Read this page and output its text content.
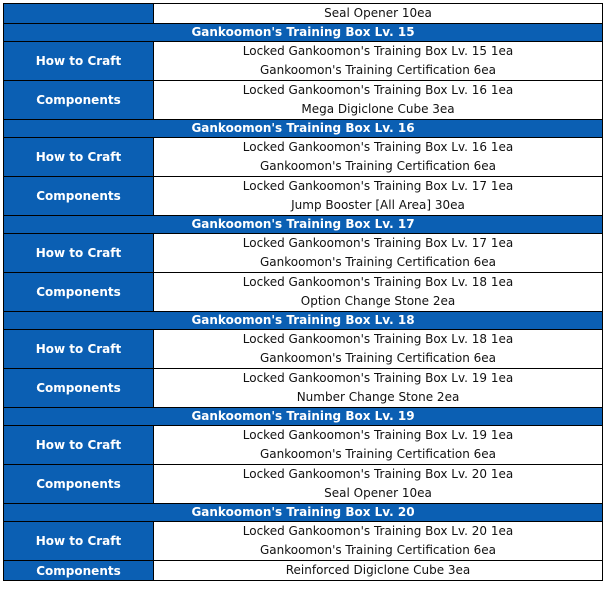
	Seal Opener 10ea
Gankoomon's Training Box Lv. 15	
How to Craft	Locked Gankoomon's Training Box Lv. 15 1ea
Gankoomon's Training Certification 6ea

Components	Locked Gankoomon's Training Box Lv. 16 1ea
Mega Digiclone Cube 3ea

Gankoomon's Training Box Lv. 16	
How to Craft	Locked Gankoomon's Training Box Lv. 16 1ea
Gankoomon's Training Certification 6ea

Components	Locked Gankoomon's Training Box Lv. 17 1ea
Jump Booster [All Area] 30ea

Gankoomon's Training Box Lv. 17	
How to Craft	Locked Gankoomon's Training Box Lv. 17 1ea
Gankoomon's Training Certification 6ea

Components	Locked Gankoomon's Training Box Lv. 18 1ea
Option Change Stone 2ea

Gankoomon's Training Box Lv. 18	
How to Craft	Locked Gankoomon's Training Box Lv. 18 1ea
Gankoomon's Training Certification 6ea

Components	Locked Gankoomon's Training Box Lv. 19 1ea
Number Change Stone 2ea

Gankoomon's Training Box Lv. 19	
How to Craft	Locked Gankoomon's Training Box Lv. 19 1ea
Gankoomon's Training Certification 6ea

Components	Locked Gankoomon's Training Box Lv. 20 1ea
Seal Opener 10ea

Gankoomon's Training Box Lv. 20	
How to Craft	Locked Gankoomon's Training Box Lv. 20 1ea
Gankoomon's Training Certification 6ea

Components	Reinforced Digiclone Cube 3ea
